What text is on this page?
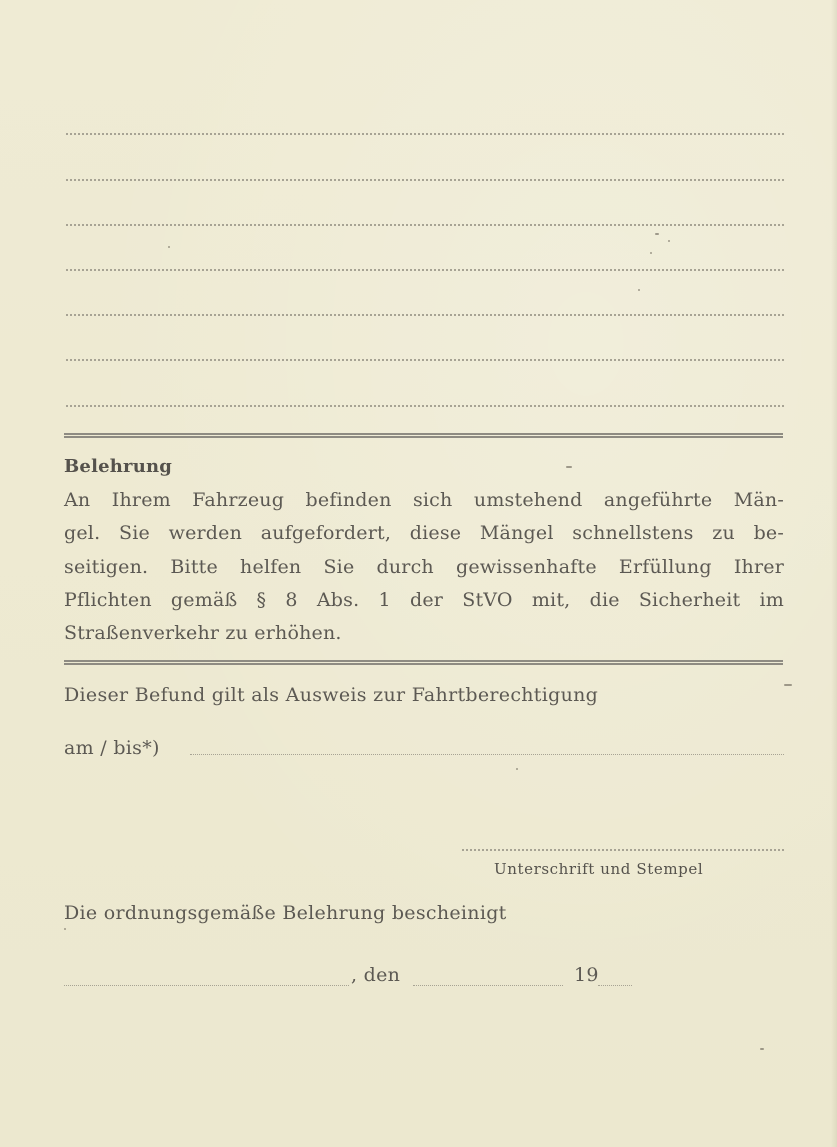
Belehrung
An Ihrem Fahrzeug befinden sich umstehend angeführte Män-
gel. Sie werden aufgefordert, diese Mängel schnellstens zu be-
seitigen. Bitte helfen Sie durch gewissenhafte Erfüllung Ihrer
Pflichten gemäß § 8 Abs. 1 der StVO mit, die Sicherheit im
Straßenverkehr zu erhöhen.
Dieser Befund gilt als Ausweis zur Fahrtberechtigung
am / bis*)
Unterschrift und Stempel
Die ordnungsgemäße Belehrung bescheinigt
, den	19
